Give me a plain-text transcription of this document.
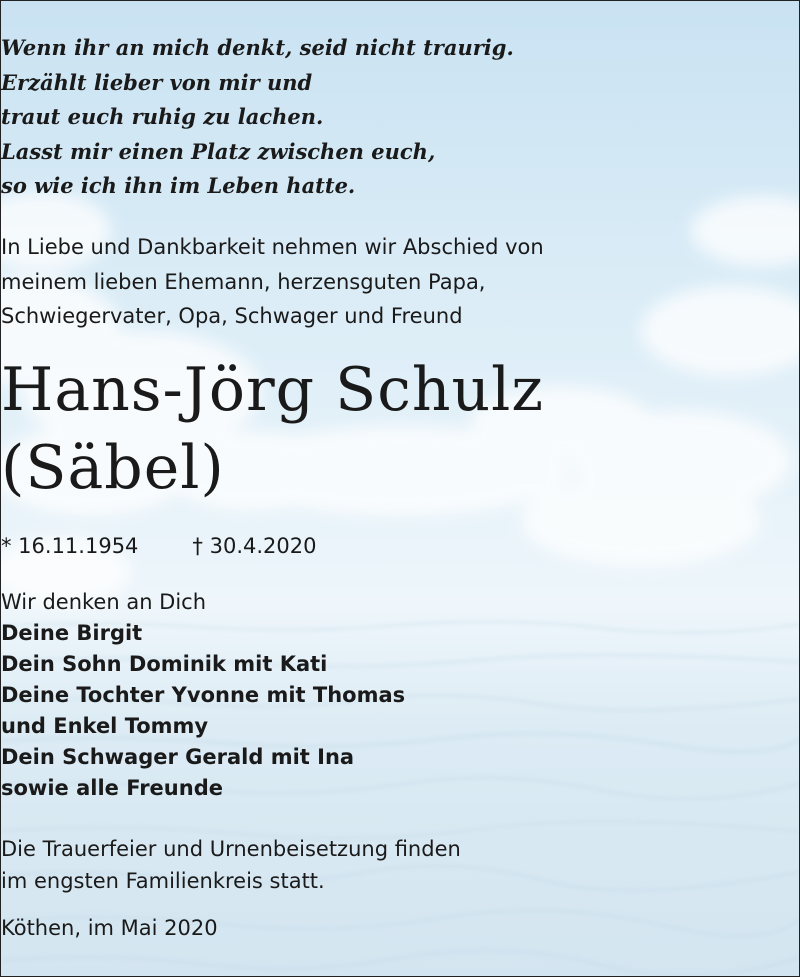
Wenn ihr an mich denkt, seid nicht traurig.
Erzählt lieber von mir und
traut euch ruhig zu lachen.
Lasst mir einen Platz zwischen euch,
so wie ich ihn im Leben hatte.
In Liebe und Dankbarkeit nehmen wir Abschied von
meinem lieben Ehemann, herzensguten Papa,
Schwiegervater, Opa, Schwager und Freund
Hans-Jörg Schulz
(Säbel)
* 16.11.1954	† 30.4.2020
Wir denken an Dich
Deine Birgit
Dein Sohn Dominik mit Kati
Deine Tochter Yvonne mit Thomas
und Enkel Tommy
Dein Schwager Gerald mit Ina
sowie alle Freunde
Die Trauerfeier und Urnenbeisetzung finden
im engsten Familienkreis statt.
Köthen, im Mai 2020
